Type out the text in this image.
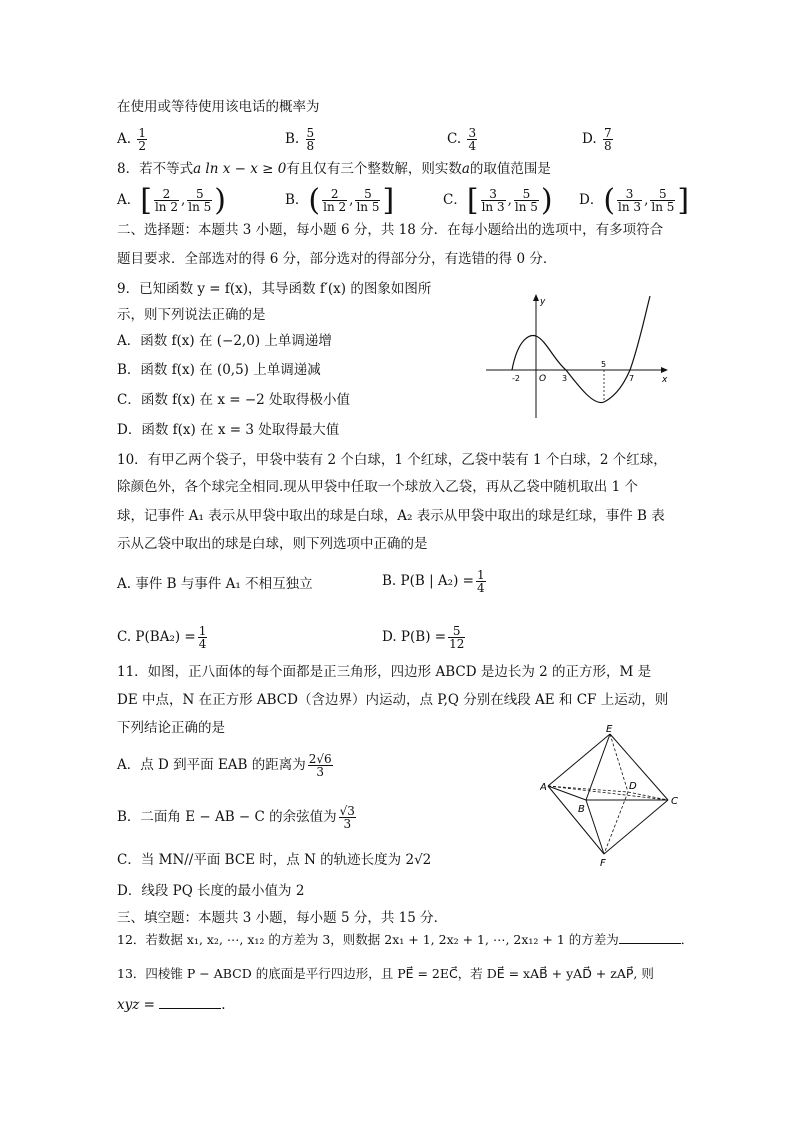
在使用或等待使用该电话的概率为
A. $\frac{1}{2}$	B. $\frac{5}{8}$	C. $\frac{3}{4}$	D. $\frac{7}{8}$
8．若不等式a ln x − x ≥ 0有且仅有三个整数解，则实数a的取值范围是
A．[ $\frac{2}{\ln 2}$ , $\frac{5}{\ln 5}$ )	B．( $\frac{2}{\ln 2}$ , $\frac{5}{\ln 5}$ ]	C．[ $\frac{3}{\ln 3}$ , $\frac{5}{\ln 5}$ ) D．( $\frac{3}{\ln 3}$ , $\frac{5}{\ln 5}$ ]
二、选择题：本题共 3 小题，每小题 6 分，共 18 分．在每小题给出的选项中，有多项符合
题目要求．全部选对的得 6 分，部分选对的得部分分，有选错的得 0 分．
9．已知函数 y = f(x)，其导函数 f′(x) 的图象如图所
示，则下列说法正确的是
A．函数 f(x) 在 (−2,0) 上单调递增
B．函数 f(x) 在 (0,5) 上单调递减
C．函数 f(x) 在 x = −2 处取得极小值
D．函数 f(x) 在 x = 3 处取得最大值
y
x
O
-2	3
5
7
10．有甲乙两个袋子，甲袋中装有 2 个白球，1 个红球，乙袋中装有 1 个白球，2 个红球，
除颜色外，各个球完全相同.现从甲袋中任取一个球放入乙袋，再从乙袋中随机取出 1 个
球，记事件 A₁ 表示从甲袋中取出的球是白球，A₂ 表示从甲袋中取出的球是红球，事件 B 表
示从乙袋中取出的球是白球，则下列选项中正确的是
A. 事件 B 与事件 A₁ 不相互独立	B. P(B | $A_2) = \frac{1}{4}$
C. $P(BA_2) = \frac{1}{4}$	D. $P(B) = \frac{5}{12}$
11．如图，正八面体的每个面都是正三角形，四边形 ABCD 是边长为 2 的正方形，M 是
DE 中点，N 在正方形 ABCD（含边界）内运动，点 P,Q 分别在线段 AE 和 CF 上运动，则
下列结论正确的是
A．点 D 到平面 EAB 的距离为 $\frac{2√6}{3}$
B．二面角 E − AB − C 的余弦值为 $\frac{√3}{3}$
C．当 MN//平面 BCE 时，点 N 的轨迹长度为 2√2
D．线段 PQ 长度的最小值为 2
E
A
B
C
D
F
三、填空题：本题共 3 小题，每小题 5 分，共 15 分．
12．若数据 x₁, x₂, ⋯, x₁₂ 的方差为 3，则数据 2x₁ + 1, 2x₂ + 1, ⋯, 2x₁₂ + 1 的方差为	．
13．四棱锥 P − ABCD 的底面是平行四边形，且 PE⃗ = 2EC⃗，若 DE⃗ = xAB⃗ + yAD⃗ + zAP⃗, 则
xyz =	.
